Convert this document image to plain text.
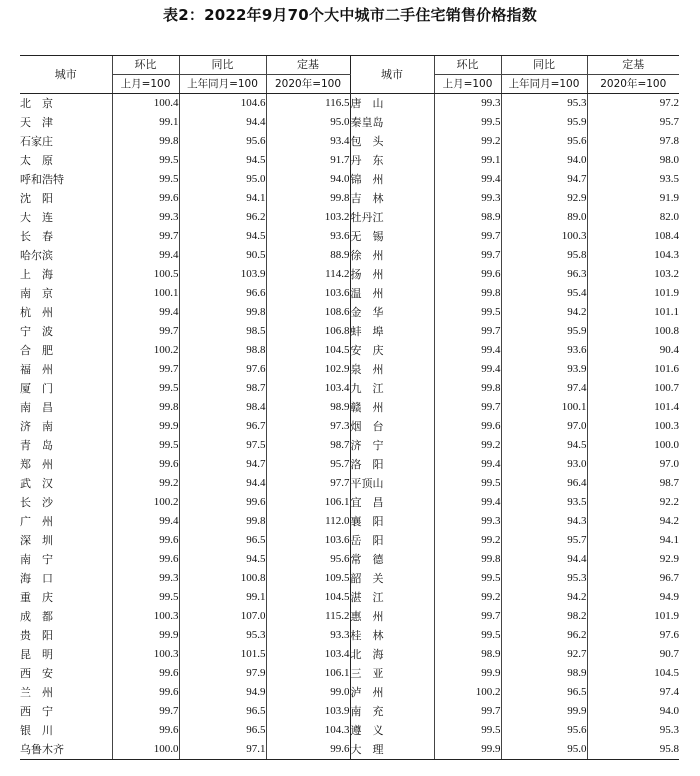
表2：2022年9月70个大中城市二手住宅销售价格指数
城市	环比	同比	定基	城市	环比	同比	定基
	上月=100	上年同月=100	2020年=100		上月=100	上年同月=100	2020年=100
北　京	100.4	104.6	116.5	唐　山	99.3	95.3	97.2
天　津	99.1	94.4	95.0	秦皇岛	99.5	95.9	95.7
石家庄	99.8	95.6	93.4	包　头	99.2	95.6	97.8
太　原	99.5	94.5	91.7	丹　东	99.1	94.0	98.0
呼和浩特	99.5	95.0	94.0	锦　州	99.4	94.7	93.5
沈　阳	99.6	94.1	99.8	吉　林	99.3	92.9	91.9
大　连	99.3	96.2	103.2	牡丹江	98.9	89.0	82.0
长　春	99.7	94.5	93.6	无　锡	99.7	100.3	108.4
哈尔滨	99.4	90.5	88.9	徐　州	99.7	95.8	104.3
上　海	100.5	103.9	114.2	扬　州	99.6	96.3	103.2
南　京	100.1	96.6	103.6	温　州	99.8	95.4	101.9
杭　州	99.4	99.8	108.6	金　华	99.5	94.2	101.1
宁　波	99.7	98.5	106.8	蚌　埠	99.7	95.9	100.8
合　肥	100.2	98.8	104.5	安　庆	99.4	93.6	90.4
福　州	99.7	97.6	102.9	泉　州	99.4	93.9	101.6
厦　门	99.5	98.7	103.4	九　江	99.8	97.4	100.7
南　昌	99.8	98.4	98.9	赣　州	99.7	100.1	101.4
济　南	99.9	96.7	97.3	烟　台	99.6	97.0	100.3
青　岛	99.5	97.5	98.7	济　宁	99.2	94.5	100.0
郑　州	99.6	94.7	95.7	洛　阳	99.4	93.0	97.0
武　汉	99.2	94.4	97.7	平顶山	99.5	96.4	98.7
长　沙	100.2	99.6	106.1	宜　昌	99.4	93.5	92.2
广　州	99.4	99.8	112.0	襄　阳	99.3	94.3	94.2
深　圳	99.6	96.5	103.6	岳　阳	99.2	95.7	94.1
南　宁	99.6	94.5	95.6	常　德	99.8	94.4	92.9
海　口	99.3	100.8	109.5	韶　关	99.5	95.3	96.7
重　庆	99.5	99.1	104.5	湛　江	99.2	94.2	94.9
成　都	100.3	107.0	115.2	惠　州	99.7	98.2	101.9
贵　阳	99.9	95.3	93.3	桂　林	99.5	96.2	97.6
昆　明	100.3	101.5	103.4	北　海	98.9	92.7	90.7
西　安	99.6	97.9	106.1	三　亚	99.9	98.9	104.5
兰　州	99.6	94.9	99.0	泸　州	100.2	96.5	97.4
西　宁	99.7	96.5	103.9	南　充	99.7	99.9	94.0
银　川	99.6	96.5	104.3	遵　义	99.5	95.6	95.3
乌鲁木齐	100.0	97.1	99.6	大　理	99.9	95.0	95.8
